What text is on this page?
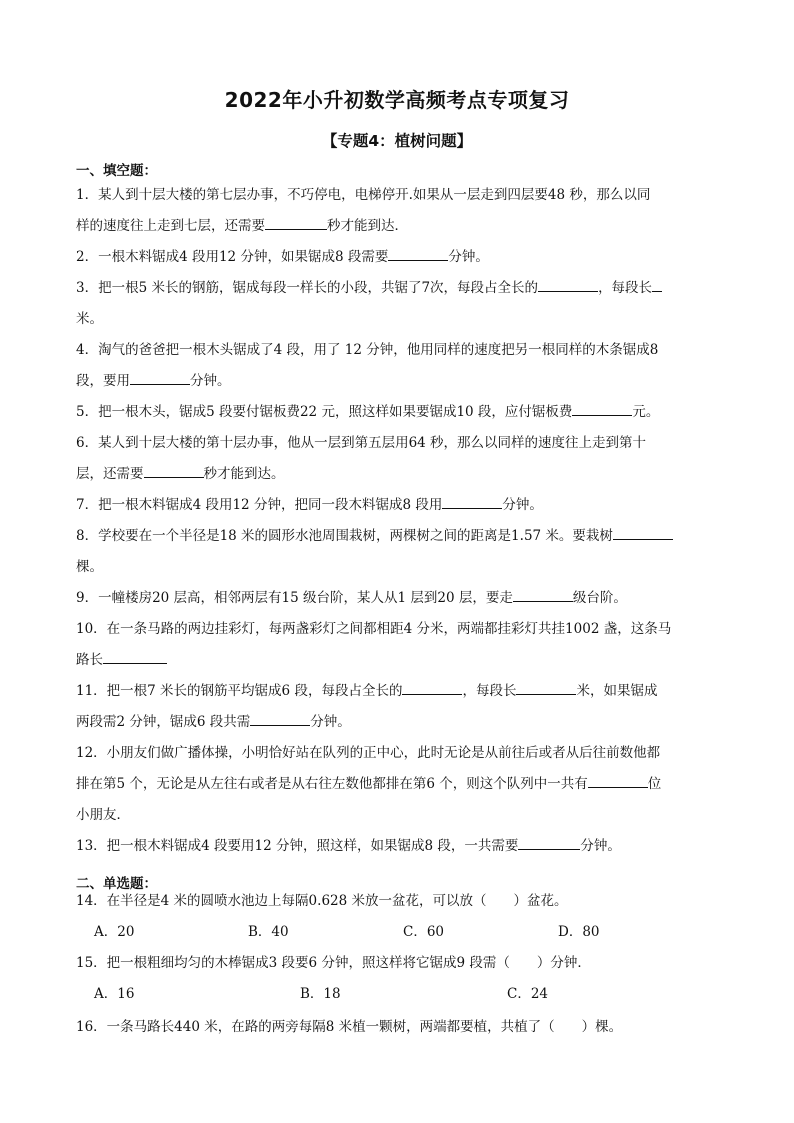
2022年小升初数学高频考点专项复习
【专题4：植树问题】
一、填空题：

1．某人到十层大楼的第七层办事，不巧停电，电梯停开.如果从一层走到四层要48 秒，那么以同
样的速度往上走到七层，还需要	秒才能到达．

2．一根木料锯成4 段用12 分钟，如果锯成8 段需要	分钟。

3．把一根5 米长的钢筋，锯成每段一样长的小段，共锯了7次，每段占全长的	，每段长
米。

4．淘气的爸爸把一根木头锯成了4 段，用了 12 分钟，他用同样的速度把另一根同样的木条锯成8
段，要用	分钟。

5．把一根木头，锯成5 段要付锯板费22 元，照这样如果要锯成10 段，应付锯板费	元。

6．某人到十层大楼的第十层办事，他从一层到第五层用64 秒，那么以同样的速度往上走到第十
层，还需要	秒才能到达。

7．把一根木料锯成4 段用12 分钟，把同一段木料锯成8 段用	分钟。

8．学校要在一个半径是18 米的圆形水池周围栽树，两棵树之间的距离是1.57 米。要栽树
棵。

9．一幢楼房20 层高，相邻两层有15 级台阶，某人从1 层到20 层，要走	级台阶。

10．在一条马路的两边挂彩灯，每两盏彩灯之间都相距4 分米，两端都挂彩灯共挂1002 盏，这条马
路长

11．把一根7 米长的钢筋平均锯成6 段，每段占全长的	，每段长	米，如果锯成
两段需2 分钟，锯成6 段共需	分钟。

12．小朋友们做广播体操，小明恰好站在队列的正中心，此时无论是从前往后或者从后往前数他都
排在第5 个，无论是从左往右或者是从右往左数他都排在第6 个，则这个队列中一共有	位
小朋友．

13．把一根木料锯成4 段要用12 分钟，照这样，如果锯成8 段，一共需要	分钟。

二、单选题：

14．在半径是4 米的圆喷水池边上每隔0.628 米放一盆花，可以放（　　）盆花。

A．20	B．40	C．60	D．80

15．把一根粗细均匀的木棒锯成3 段要6 分钟，照这样将它锯成9 段需（　　）分钟．

A．16	B．18	C．24

16．一条马路长440 米，在路的两旁每隔8 米植一颗树，两端都要植，共植了（　　）棵。
